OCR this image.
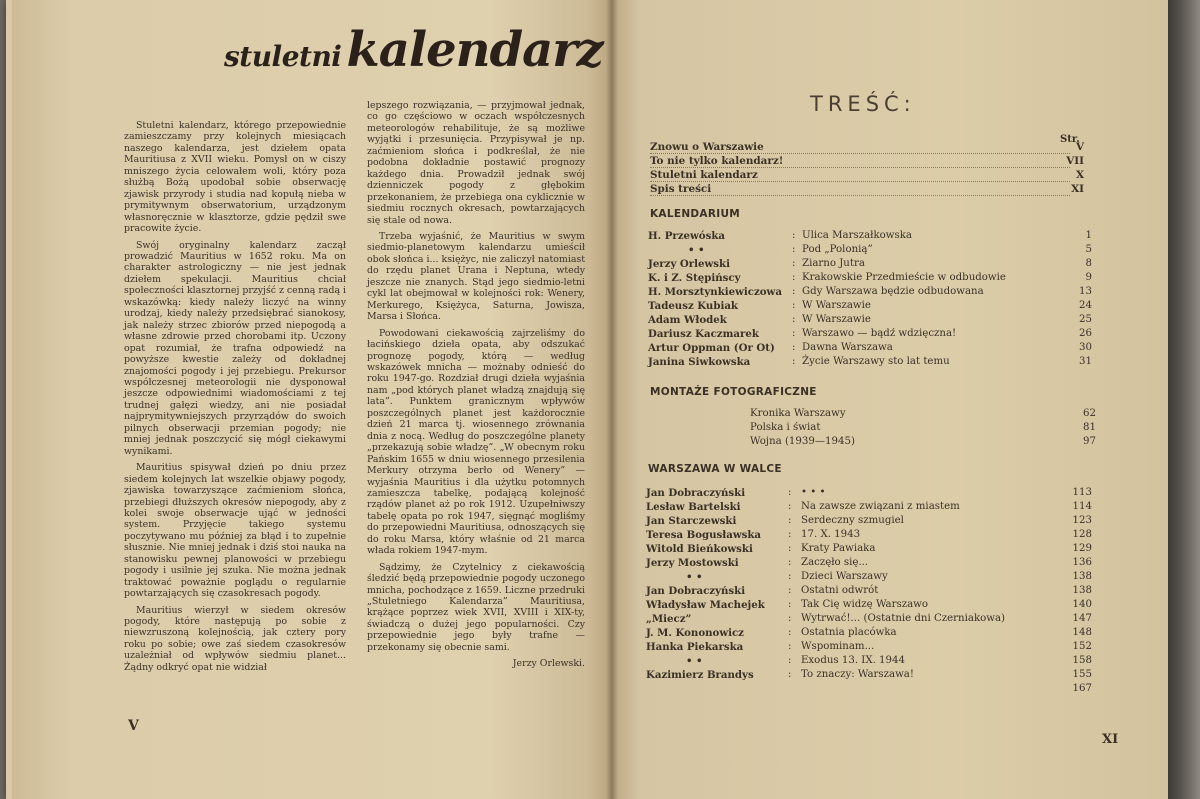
stuletni kalendarz

Stuletni kalendarz, którego przepowiednie zamieszczamy przy kolejnych miesiącach naszego kalendarza, jest dziełem opata Mauritiusa z XVII wieku. Pomysł on w ciszy mniszego życia celowałem woli, który poza służbą Bożą upodobał sobie obserwację zjawisk przyrody i studia nad kopułą nieba w prymitywnym obserwatorium, urządzonym własnoręcznie w klasztorze, gdzie pędził swe pracowite życie.

Swój oryginalny kalendarz zaczął prowadzić Mauritius w 1652 roku. Ma on charakter astrologiczny — nie jest jednak dziełem spekulacji. Mauritius chciał społeczności klasztornej przyjść z cenną radą i wskazówką: kiedy należy liczyć na winny urodzaj, kiedy należy przedsiębrać sianokosy, jak należy strzec zbiorów przed niepogodą a własne zdrowie przed chorobami itp. Uczony opat rozumiał, że trafna odpowiedź na powyższe kwestie zależy od dokładnej znajomości pogody i jej przebiegu. Prekursor współczesnej meteorologii nie dysponował jeszcze odpowiednimi wiadomościami z tej trudnej gałęzi wiedzy, ani nie posiadał najprymitywniejszych przyrządów do swoich pilnych obserwacji przemian pogody; nie mniej jednak poszczycić się mógł ciekawymi wynikami.

Mauritius spisywał dzień po dniu przez siedem kolejnych lat wszelkie objawy pogody, zjawiska towarzyszące zaćmieniom słońca, przebiegi dłuższych okresów niepogody, aby z kolei swoje obserwacje ująć w jedności system. Przyjęcie takiego systemu poczytywano mu później za błąd i to zupełnie słusznie. Nie mniej jednak i dziś stoi nauka na stanowisku pewnej planowości w przebiegu pogody i usilnie jej szuka. Nie można jednak traktować poważnie poglądu o regularnie powtarzających się czasokresach pogody.

Mauritius wierzył w siedem okresów pogody, które następują po sobie z niewzruszoną kolejnością, jak cztery pory roku po sobie; owe zaś siedem czasokresów uzależniał od wpływów siedmiu planet... Żądny odkryć opat nie widział

lepszego rozwiązania, — przyjmował jednak, co go częściowo w oczach współczesnych meteorologów rehabilituje, że są możliwe wyjątki i przesunięcia. Przypisywał je np. zaćmieniom słońca i podkreślał, że nie podobna dokładnie postawić prognozy każdego dnia. Prowadził jednak swój dzienniczek pogody z głębokim przekonaniem, że przebiega ona cyklicznie w siedmiu rocznych okresach, powtarzających się stale od nowa.

Trzeba wyjaśnić, że Mauritius w swym siedmio-planetowym kalendarzu umieścił obok słońca i... księżyc, nie zaliczył natomiast do rzędu planet Urana i Neptuna, wtedy jeszcze nie znanych. Stąd jego siedmio-letni cykl lat obejmował w kolejności rok: Wenery, Merkurego, Księżyca, Saturna, Jowisza, Marsa i Słońca.

Powodowani ciekawością zajrzeliśmy do łacińskiego dzieła opata, aby odszukać prognozę pogody, którą — według wskazówek mnicha — możnaby odnieść do roku 1947-go. Rozdział drugi dzieła wyjaśnia nam „pod których planet władzą znajdują się lata”. Punktem granicznym wpływów poszczególnych planet jest każdorocznie dzień 21 marca tj. wiosennego zrównania dnia z nocą. Według do poszczególne planety „przekazują sobie władzę”. „W obecnym roku Pańskim 1655 w dniu wiosennego przesilenia Merkury otrzyma berło od Wenery” — wyjaśnia Mauritius i dla użytku potomnych zamieszcza tabelkę, podającą kolejność rządów planet aż po rok 1912. Uzupełniwszy tabelę opata po rok 1947, sięgnąć mogliśmy do przepowiedni Mauritiusa, odnoszących się do roku Marsa, który właśnie od 21 marca włada rokiem 1947-mym.

Sądzimy, że Czytelnicy z ciekawością śledzić będą przepowiednie pogody uczonego mnicha, pochodzące z 1659. Liczne przedruki „Stuletniego Kalendarza” Mauritiusa, krążące poprzez wiek XVII, XVIII i XIX-ty, świadczą o dużej jego popularności. Czy przepowiednie jego były trafne — przekonamy się obecnie sami.

Jerzy Orlewski.
V
TREŚĆ:
Str.
Znowu o Warszawie	V
To nie tylko kalendarz!	VII
Stuletni kalendarz	X
Spis treści	XI
KALENDARIUM
H. Przewóska	: Ulica Marszałkowska	1
• •	: Pod „Polonią”	5
Jerzy Orlewski	: Ziarno Jutra	8
K. i Z. Stępińscy	: Krakowskie Przedmieście w odbudowie	9
H. Morsztynkiewiczowa : Gdy Warszawa będzie odbudowana	13
Tadeusz Kubiak	: W Warszawie	24
Adam Włodek	: W Warszawie	25
Dariusz Kaczmarek	: Warszawo — bądź wdzięczna!	26
Artur Oppman (Or Ot) : Dawna Warszawa	30
Janina Siwkowska	: Życie Warszawy sto lat temu	31
MONTAŻE FOTOGRAFICZNE
Kronika Warszawy	62
Polska i świat	81
Wojna (1939—1945)	97
WARSZAWA W WALCE
Jan Dobraczyński	: • • •	113
Lesław Bartelski	: Na zawsze związani z miastem	114
Jan Starczewski	: Serdeczny szmugiel	123
Teresa Bogusławska	: 17. X. 1943	128
Witold Bieńkowski	: Kraty Pawiaka	129
Jerzy Mostowski	: Zaczęło się...	136
• •	: Dzieci Warszawy	138
Jan Dobraczyński	: Ostatni odwrót	138
Władysław Machejek : Tak Cię widzę Warszawo	140
„Miecz”	: Wytrwać!... (Ostatnie dni Czerniakowa)	147
J. M. Kononowicz	: Ostatnia placówka	148
Hanka Piekarska	: Wspominam...	152
• •	: Exodus 13. IX. 1944	158
Kazimierz Brandys	: To znaczy: Warszawa!	155
167
XI
